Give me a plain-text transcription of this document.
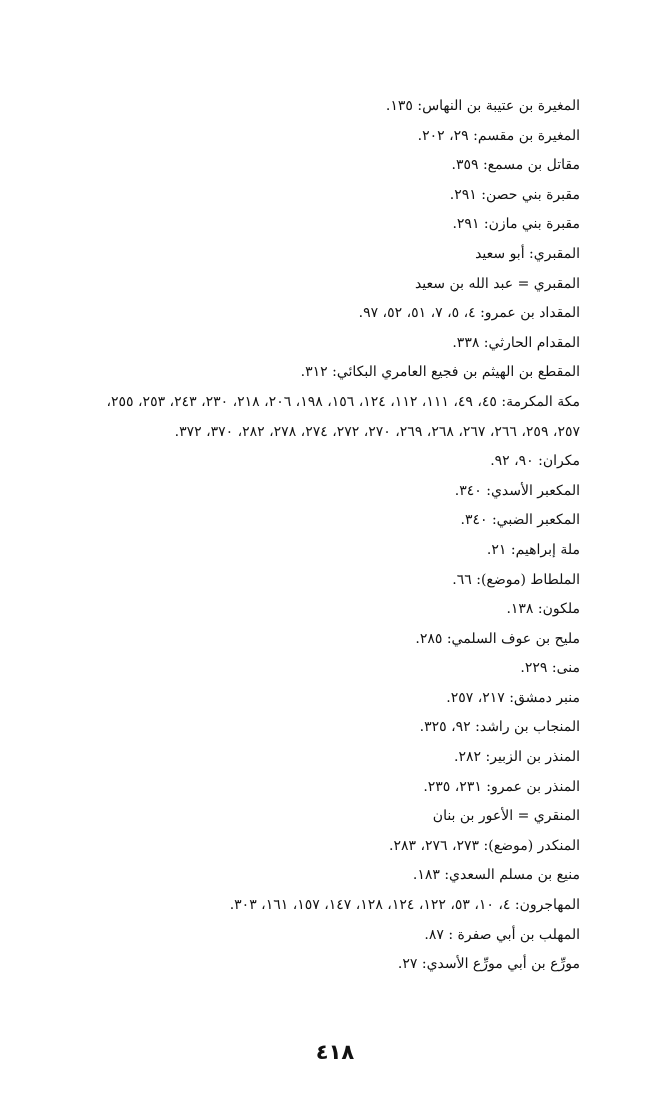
المغيرة بن عتيبة بن النهاس: ١٣٥.
المغيرة بن مقسم: ٢٩، ٢٠٢.
مقاتل بن مسمع: ٣٥٩.
مقبرة بني حصن: ٢٩١.
مقبرة بني مازن: ٢٩١.
المقبري: أبو سعيد
المقبري = عبد الله بن سعيد
المقداد بن عمرو: ٤، ٥، ٧، ٥١، ٥٢، ٩٧.
المقدام الحارثي: ٣٣٨.
المقطع بن الهيثم بن فجيع العامري البكائي: ٣١٢.
مكة المكرمة: ٤٥، ٤٩، ١١١، ١١٢، ١٢٤، ١٥٦، ١٩٨، ٢٠٦، ٢١٨، ٢٣٠، ٢٤٣، ٢٥٣، ٢٥٥،
٢٥٧، ٢٥٩، ٢٦٦، ٢٦٧، ٢٦٨، ٢٦٩، ٢٧٠، ٢٧٢، ٢٧٤، ٢٧٨، ٢٨٢، ٣٧٠، ٣٧٢.
مكران: ٩٠، ٩٢.
المكعبر الأسدي: ٣٤٠.
المكعبر الضبي: ٣٤٠.
ملة إبراهيم: ٢١.
الملطاط (موضع): ٦٦.
ملكون: ١٣٨.
مليح بن عوف السلمي: ٢٨٥.
منى: ٢٢٩.
منبر دمشق: ٢١٧، ٢٥٧.
المنجاب بن راشد: ٩٢، ٣٢٥.
المنذر بن الزبير: ٢٨٢.
المنذر بن عمرو: ٢٣١، ٢٣٥.
المنقري = الأعور بن بنان
المنكدر (موضع): ٢٧٣، ٢٧٦، ٢٨٣.
منيع بن مسلم السعدي: ١٨٣.
المهاجرون: ٤، ١٠، ٥٣، ١٢٢، ١٢٤، ١٢٨، ١٤٧، ١٥٧، ١٦١، ٣٠٣.
المهلب بن أبي صفرة : ٨٧.
مورِّع بن أبي مورِّع الأسدي: ٢٧.
٤١٨
